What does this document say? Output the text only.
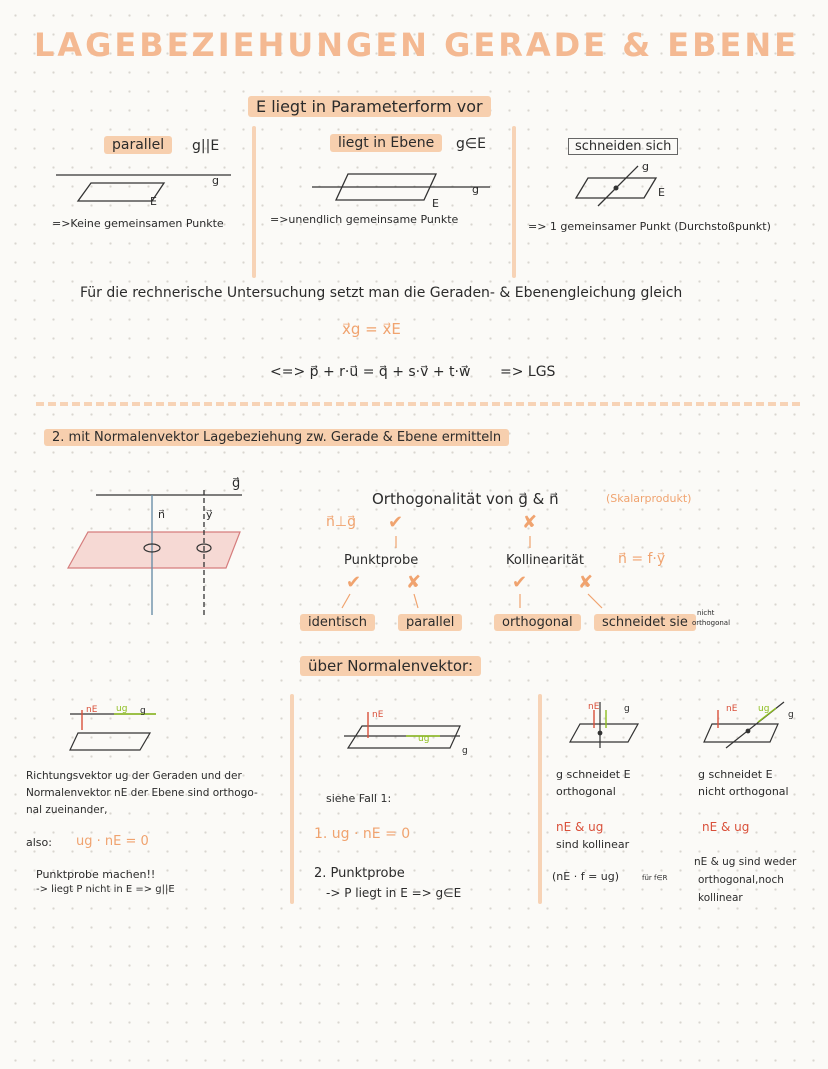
LAGEBEZIEHUNGEN GERADE & EBENE
E liegt in Parameterform vor
parallel	g||E
E
g
=>Keine gemeinsamen Punkte
liegt in Ebene	g∈E
E
g
=>unendlich gemeinsame Punkte
schneiden sich
g
E
=> 1 gemeinsamer Punkt (Durchstoßpunkt)
Für die rechnerische Untersuchung setzt man die Geraden- & Ebenengleichung gleich
x⃗g = x⃗E
<=> p⃗ + r·u⃗ = q⃗ + s·v⃗ + t·w⃗ => LGS
2. mit Normalenvektor Lagebeziehung zw. Gerade & Ebene ermitteln
g⃗
n⃗	y⃗
Orthogonalität von g⃗ & n⃗	(Skalarprodukt)
n⃗⊥g⃗ ✔	✘
Punktprobe	Kollinearität n⃗ = f·y⃗
✔ ✘	✔	✘
identisch	parallel	orthogonal	schneidet sie
nicht
orthogonal
über Normalenvektor:
nE ug g
Richtungsvektor ug der Geraden und der
Normalenvektor nE der Ebene sind orthogo-
nal zueinander,
also: ug · nE = 0
Punktprobe machen!!
-> liegt P nicht in E => g||E
nE
ug
g
siehe Fall 1:
1. ug · nE = 0
2. Punktprobe
-> P liegt in E => g∈E
nE	g
g schneidet E
orthogonal
nE & ug
sind kollinear
(nE · f = ug)	für f∈R
nE ug
g
g schneidet E
nicht orthogonal
nE & ug
nE & ug sind weder
orthogonal,noch
kollinear
